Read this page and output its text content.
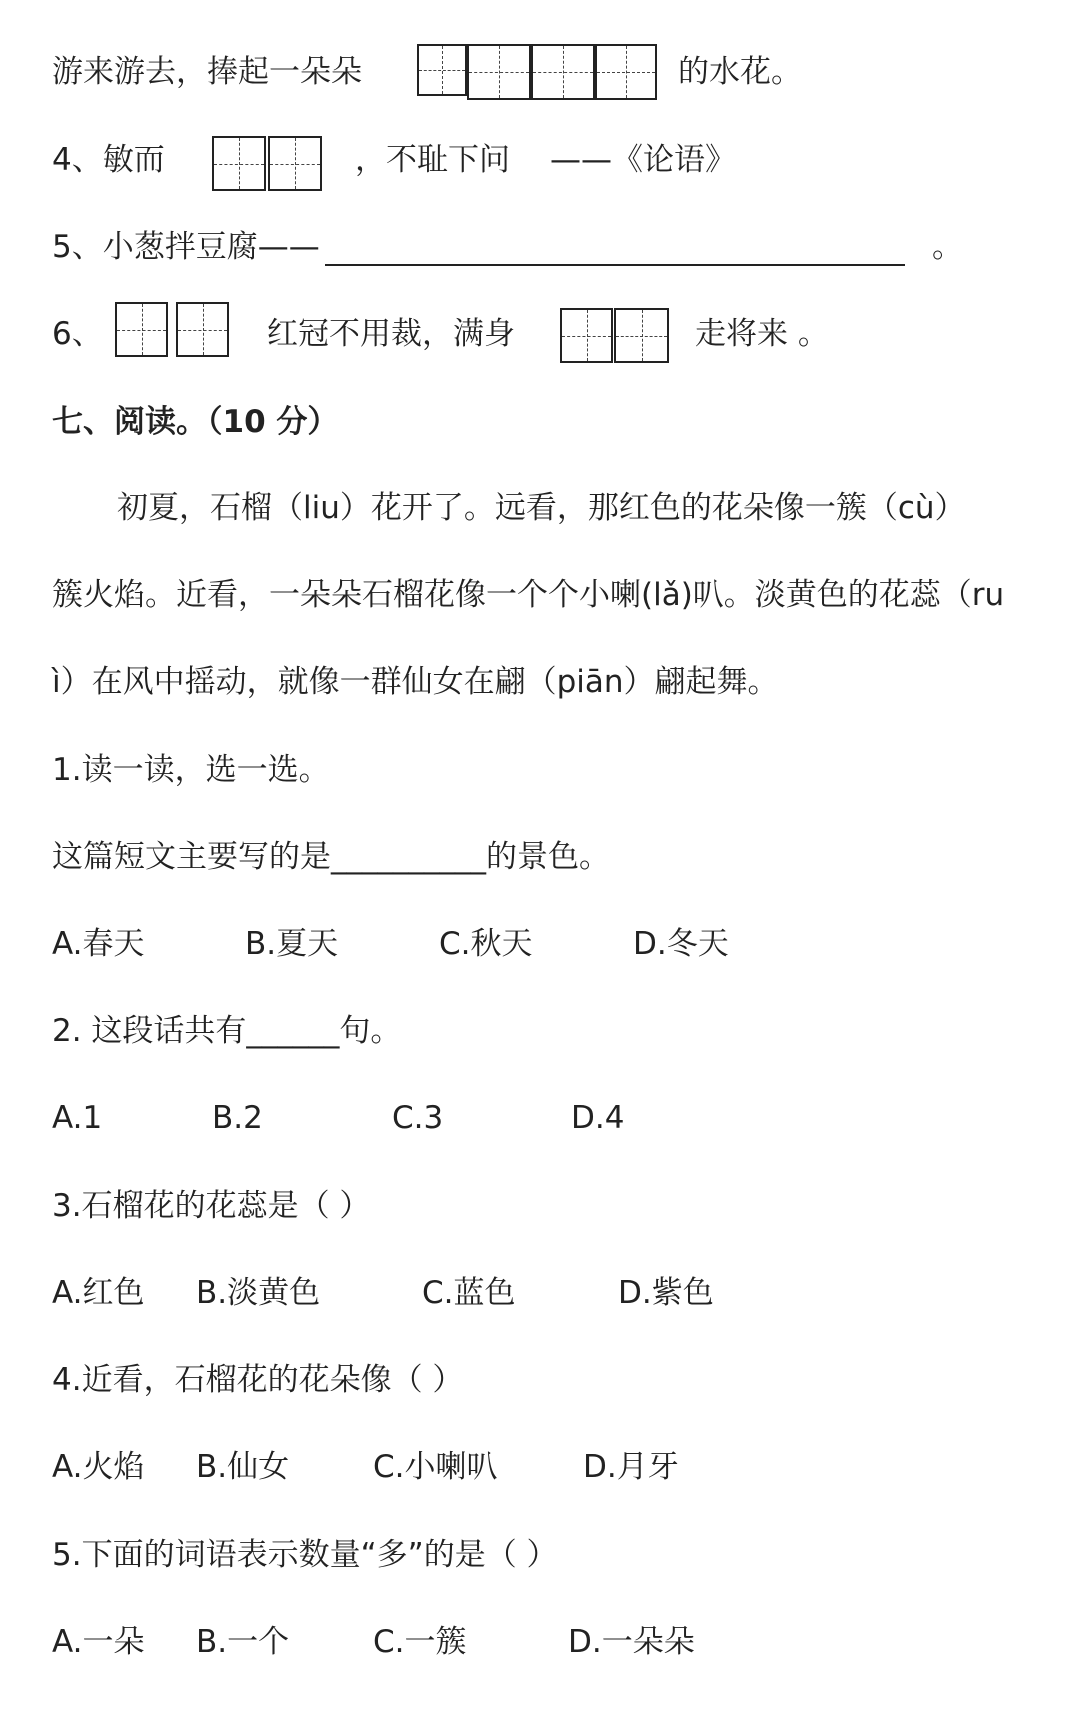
游来游去，捧起一朵朵	的水花。
4、敏而	，不耻下问 ——《论语》
5、小葱拌豆腐——	。
6、	红冠不用裁，满身	走将来 。
七、阅读。（10 分）
初夏，石榴（liu）花开了。远看，那红色的花朵像一簇（cù）
簇火焰。近看，一朵朵石榴花像一个个小喇(lǎ)叭。淡黄色的花蕊（ru
ì）在风中摇动，就像一群仙女在翩（piān）翩起舞。
1.读一读，选一选。
这篇短文主要写的是__________的景色。
A.春天	B.夏天	C.秋天	D.冬天
2. 这段话共有______句。
A.1	B.2	C.3	D.4
3.石榴花的花蕊是（ ）
A.红色 B.淡黄色	C.蓝色	D.紫色
4.近看，石榴花的花朵像（ ）
A.火焰 B.仙女	C.小喇叭	D.月牙
5.下面的词语表示数量“多”的是（ ）
A.一朵 B.一个	C.一簇	D.一朵朵
